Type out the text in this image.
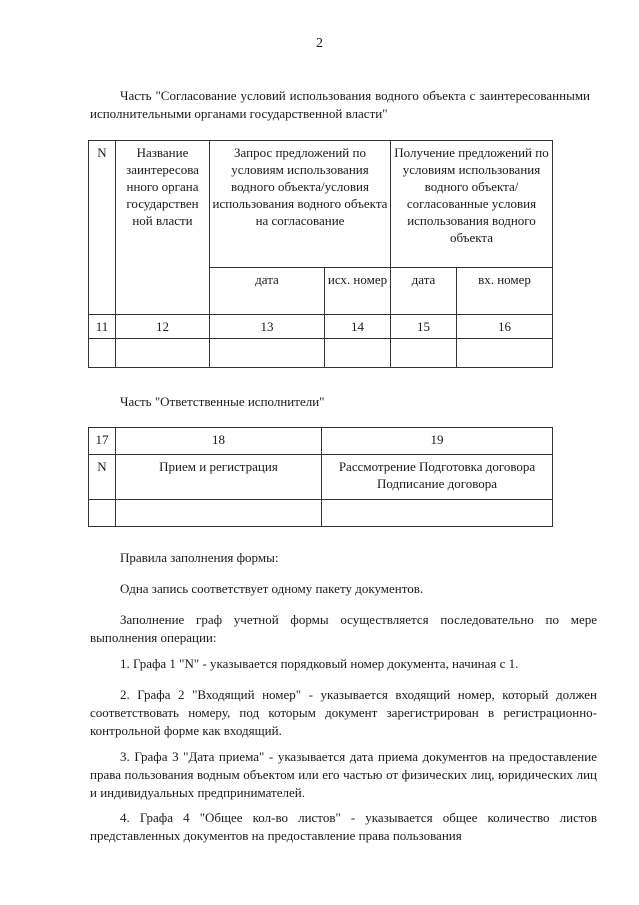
2
Часть "Согласование условий использования водного объекта с заинтересованными исполнительными органами государственной власти"
N	Название заинтересова нного органа государствен ной власти	Запрос предложений по условиям использования водного объекта/условия использования водного объекта на согласование		Получение предложений по условиям использования водного объекта/согласованные условия использования водного объекта	
		дата	исх. номер	дата	вх. номер
11	12	13	14	15	16

Часть "Ответственные исполнители"
17	18	19
N	Прием и регистрация	Рассмотрение Подготовка договора Подписание договора

Правила заполнения формы:
Одна запись соответствует одному пакету документов.
Заполнение граф учетной формы осуществляется последовательно по мере выполнения операции:
1. Графа 1 "N" - указывается порядковый номер документа, начиная с 1.
2. Графа 2 "Входящий номер" - указывается входящий номер, который должен соответствовать номеру, под которым документ зарегистрирован в регистрационно-контрольной форме как входящий.
3. Графа 3 "Дата приема" - указывается дата приема документов на предоставление права пользования водным объектом или его частью от физических лиц, юридических лиц и индивидуальных предпринимателей.
4. Графа 4 "Общее кол-во листов" - указывается общее количество листов представленных документов на предоставление права пользования
